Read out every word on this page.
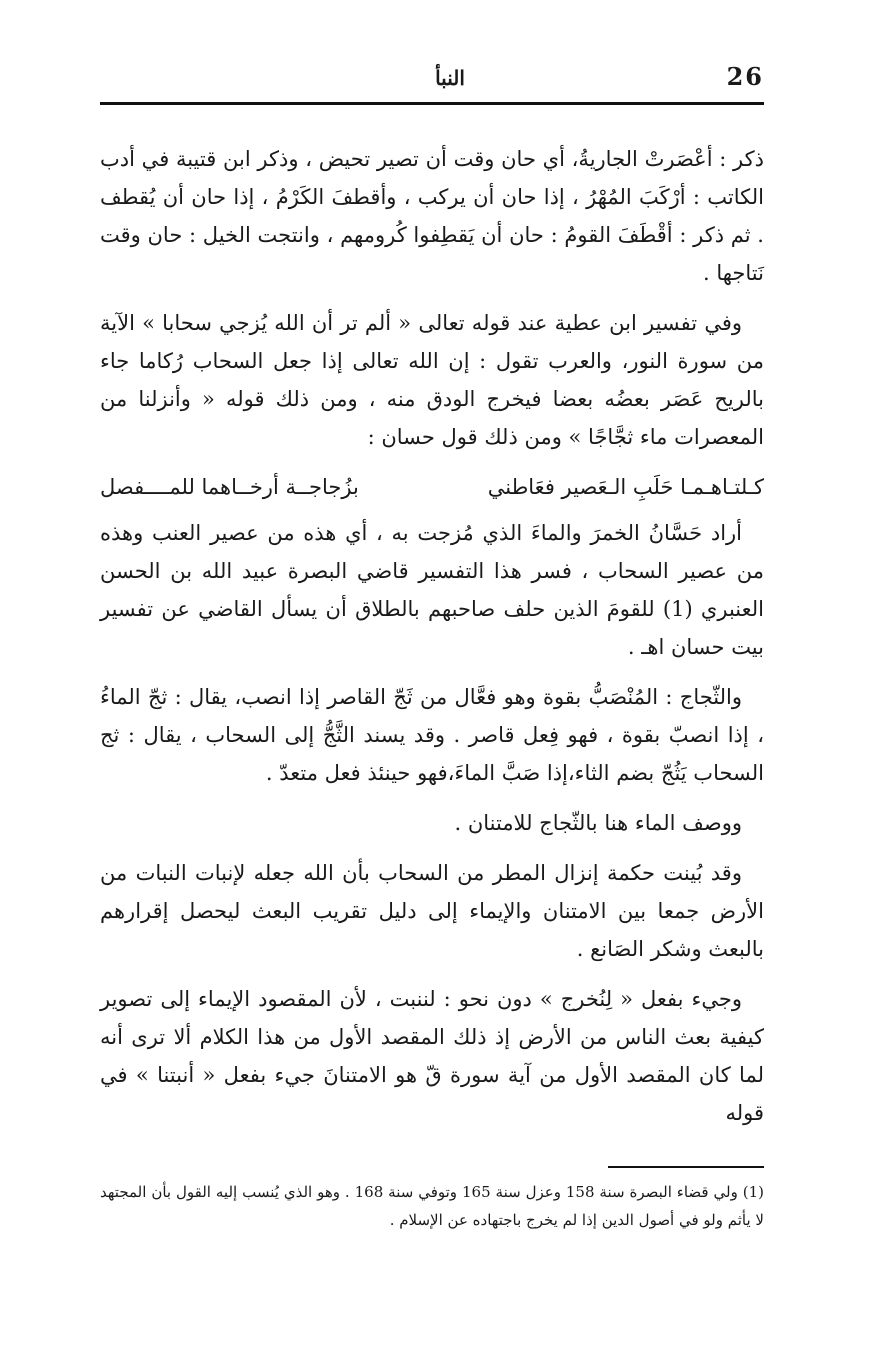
26
النبأ

ذكر : أعْصَرتْ الجاريةُ، أي حان وقت أن تصير تحيض ، وذكر ابن قتيبة في أدب الكاتب : أرْكَبَ المُهْرُ ، إذا حان أن يركب ، وأقطفَ الكَرْمُ ، إذا حان أن يُقطف . ثم ذكر : أقْطَفَ القومُ : حان أن يَقطِفوا كُرومهم ، وانتجت الخيل : حان وقت نَتاجها .

وفي تفسير ابن عطية عند قوله تعالى « ألم تر أن الله يُزجي سحابا » الآية من سورة النور، والعرب تقول : إن الله تعالى إذا جعل السحاب رُكاما جاء بالريح عَصَر بعضُه بعضا فيخرج الودق منه ، ومن ذلك قوله « وأنزلنا من المعصرات ماء ثجَّاجًا » ومن ذلك قول حسان :

كـلتـاهـمـا حَلَبِ الـعَصير فعَاطني
بزُجاجــة أرخــاهما للمــــفصل

أراد حَسَّانُ الخمرَ والماءَ الذي مُزجت به ، أي هذه من عصير العنب وهذه من عصير السحاب ، فسر هذا التفسير قاضي البصرة عبيد الله بن الحسن العنبري (1) للقومَ الذين حلف صاحبهم بالطلاق أن يسأل القاضي عن تفسير بيت حسان اهـ .

والثّجاج : المُنْصَبُّ بقوة وهو فعَّال من ثَجّ القاصر إذا انصب، يقال : ثجّ الماءُ ، إذا انصبّ بقوة ، فهو فِعل قاصر . وقد يسند الثَّجُّ إلى السحاب ، يقال : ثج السحاب يَثُجّ بضم الثاء،إذا صَبَّ الماءَ،فهو حينئذ فعل متعدّ .

ووصف الماء هنا بالثّجاج للامتنان .

وقد بُينت حكمة إنزال المطر من السحاب بأن الله جعله لإنبات النبات من الأرض جمعا بين الامتنان والإيماء إلى دليل تقريب البعث ليحصل إقرارهم بالبعث وشكر الصَانع .

وجيء بفعل « لِنُخرج » دون نحو : لننبت ، لأن المقصود الإيماء إلى تصوير كيفية بعث الناس من الأرض إذ ذلك المقصد الأول من هذا الكلام ألا ترى أنه لما كان المقصد الأول من آية سورة قّ هو الامتنانَ جيء بفعل « أنبتنا » في قوله

(1) ولي قضاء البصرة سنة 158 وعزل سنة 165 وتوفي سنة 168 . وهو الذي يُنسب إليه القول بأن المجتهد لا يأثم ولو في أصول الدين إذا لم يخرج باجتهاده عن الإسلام .
